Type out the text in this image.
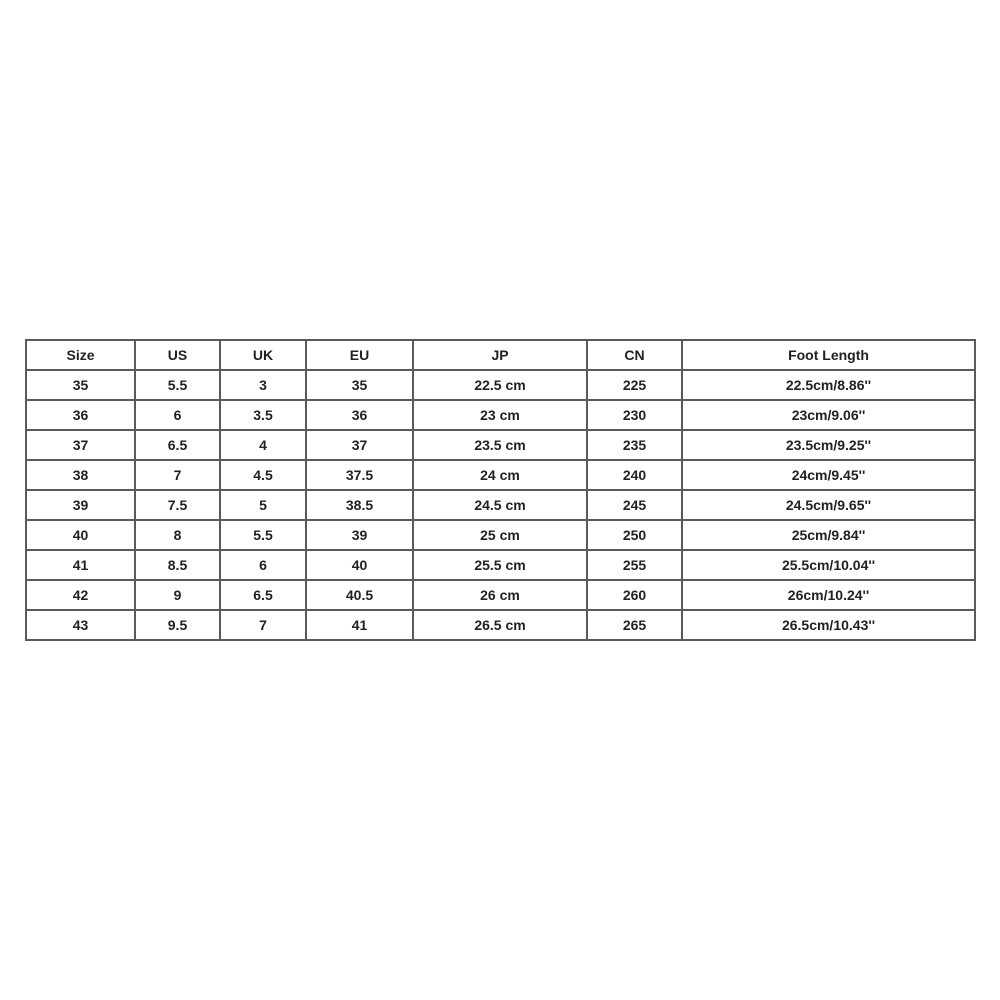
Size	US	UK	EU	JP	CN	Foot Length
35	5.5	3	35	22.5 cm	225	22.5cm/8.86''
36	6	3.5	36	23 cm	230	23cm/9.06''
37	6.5	4	37	23.5 cm	235	23.5cm/9.25''
38	7	4.5	37.5	24 cm	240	24cm/9.45''
39	7.5	5	38.5	24.5 cm	245	24.5cm/9.65''
40	8	5.5	39	25 cm	250	25cm/9.84''
41	8.5	6	40	25.5 cm	255	25.5cm/10.04''
42	9	6.5	40.5	26 cm	260	26cm/10.24''
43	9.5	7	41	26.5 cm	265	26.5cm/10.43''
